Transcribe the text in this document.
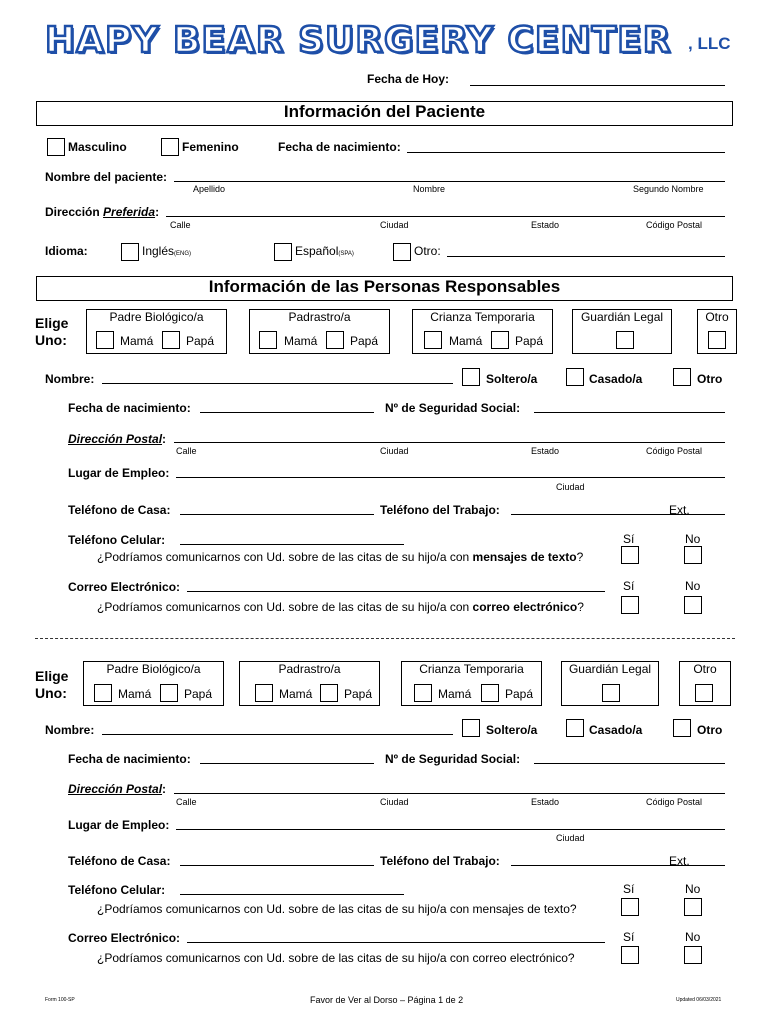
HAPY BEAR SURGERY CENTER , LLC
Fecha de Hoy:
Información del Paciente
Masculino	Femenino	Fecha de nacimiento:
Nombre del paciente:
Apellido	Nombre	Segundo Nombre
Dirección Preferida:
Calle	Ciudad	Estado	Código Postal
Idioma:	Inglés(ENG)	Español(SPA)	Otro:
Información de las Personas Responsables
Elige
Uno:
Padre Biológico/a
Mamá	Papá
Padrastro/a
Mamá	Papá
Crianza Temporaria
Mamá	Papá
Guardián Legal	Otro
Nombre:	Soltero/a	Casado/a	Otro
Fecha de nacimiento:	Nº de Seguridad Social:
Dirección Postal:
Calle	Ciudad	Estado	Código Postal
Lugar de Empleo:
Ciudad
Teléfono de Casa:	Teléfono del Trabajo:	Ext.
Teléfono Celular:	Sí	No
¿Podríamos comunicarnos con Ud. sobre de las citas de su hijo/a con mensajes de texto?
Correo Electrónico:	Sí	No
¿Podríamos comunicarnos con Ud. sobre de las citas de su hijo/a con correo electrónico?
Elige
Uno:
Padre Biológico/a
Mamá	Papá
Padrastro/a
Mamá	Papá
Crianza Temporaria
Mamá	Papá
Guardián Legal	Otro
Nombre:	Soltero/a	Casado/a	Otro
Fecha de nacimiento:	Nº de Seguridad Social:
Dirección Postal:
Calle	Ciudad	Estado	Código Postal
Lugar de Empleo:
Ciudad
Teléfono de Casa:	Teléfono del Trabajo:	Ext.
Teléfono Celular:	Sí	No
¿Podríamos comunicarnos con Ud. sobre de las citas de su hijo/a con mensajes de texto?
Correo Electrónico:	Sí	No
¿Podríamos comunicarnos con Ud. sobre de las citas de su hijo/a con correo electrónico?
Form 100-SP	Favor de Ver al Dorso – Página 1 de 2	Updated 06/03/2021
